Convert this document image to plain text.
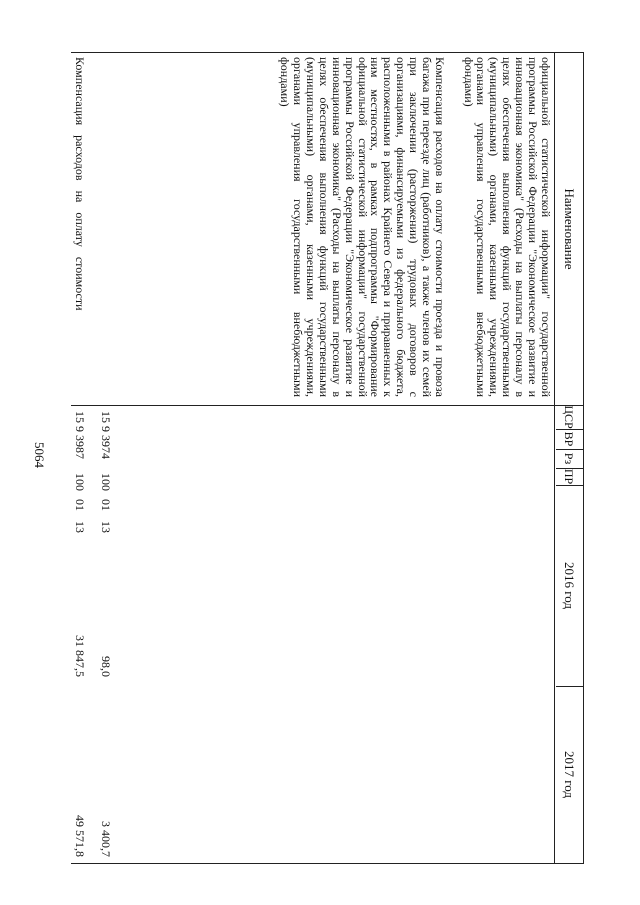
5064
Наименование
ЦСР
ВР
Рз
ПР
2016 год
2017 год
официальной статистической информации" государственной программы Российской Федерации "Экономическое развитие и инновационная экономика" (Расходы на выплаты персоналу в целях обеспечения выполнения функций государственными (муниципальными) органами, казенными учреждениями, органами управления государственными внебюджетными фондами)
Компенсация расходов на оплату стоимости проезда и провоза багажа при переезде лиц (работников), а также членов их семей при заключении (расторжении) трудовых договоров с организациями, финансируемыми из федерального бюджета, расположенными в районах Крайнего Севера и приравненных к ним местностях, в рамках подпрограммы "Формирование официальной статистической информации" государственной программы Российской Федерации "Экономическое развитие и инновационная экономика" (Расходы на выплаты персоналу в целях обеспечения выполнения функций государственными (муниципальными) органами, казенными учреждениями, органами управления государственными внебюджетными фондами)
15 9 3974
100
01
13
98,0
3 400,7
Компенсация расходов на оплату стоимости
15 9 3987
100
01
13
31 847,5
49 571,8
